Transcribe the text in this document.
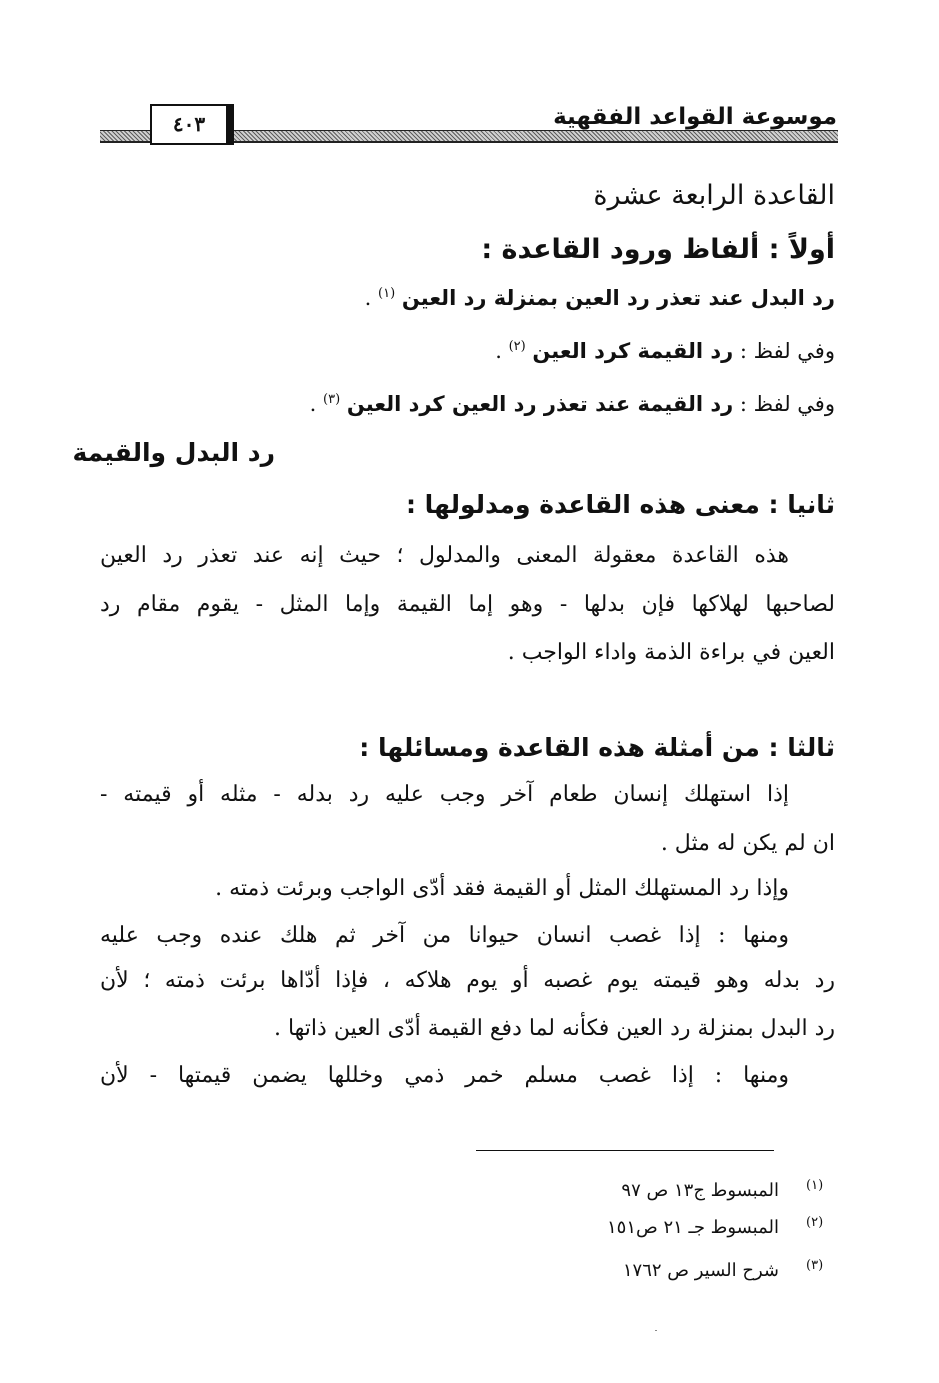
موسوعة القواعد الفقهية
٤٠٣
القاعدة الرابعة عشرة
أولاً : ألفاظ ورود القاعدة :
رد البدل عند تعذر رد العين بمنزلة رد العين $^{(١)}$ .
وفي لفظ : رد القيمة كرد العين $^{(٢)}$ .
وفي لفظ : رد القيمة عند تعذر رد العين كرد العين $^{(٣)}$ .
رد البدل والقيمة
ثانيا : معنى هذه القاعدة ومدلولها :
هذه القاعدة معقولة المعنى والمدلول ؛ حيث إنه عند تعذر رد العين
لصاحبها لهلاكها فإن بدلها - وهو إما القيمة وإما المثل - يقوم مقام رد
العين في براءة الذمة واداء الواجب .
ثالثا : من أمثلة هذه القاعدة ومسائلها :
إذا استهلك إنسان طعام آخر وجب عليه رد بدله - مثله أو قيمته -
ان لم يكن له مثل .
وإذا رد المستهلك المثل أو القيمة فقد أدّى الواجب وبرئت ذمته .
ومنها : إذا غصب انسان حيوانا من آخر ثم هلك عنده وجب عليه
رد بدله وهو قيمته يوم غصبه أو يوم هلاكه ، فإذا أدّاها برئت ذمته ؛ لأن
رد البدل بمنزلة رد العين فكأنه لما دفع القيمة أدّى العين ذاتها .
ومنها : إذا غصب مسلم خمر ذمي وخللها يضمن قيمتها - لأن
(١)
المبسوط ج١٣ ص ٩٧
(٢)
المبسوط جـ ٢١ ص١٥١
(٣)
شرح السير ص ١٧٦٢
